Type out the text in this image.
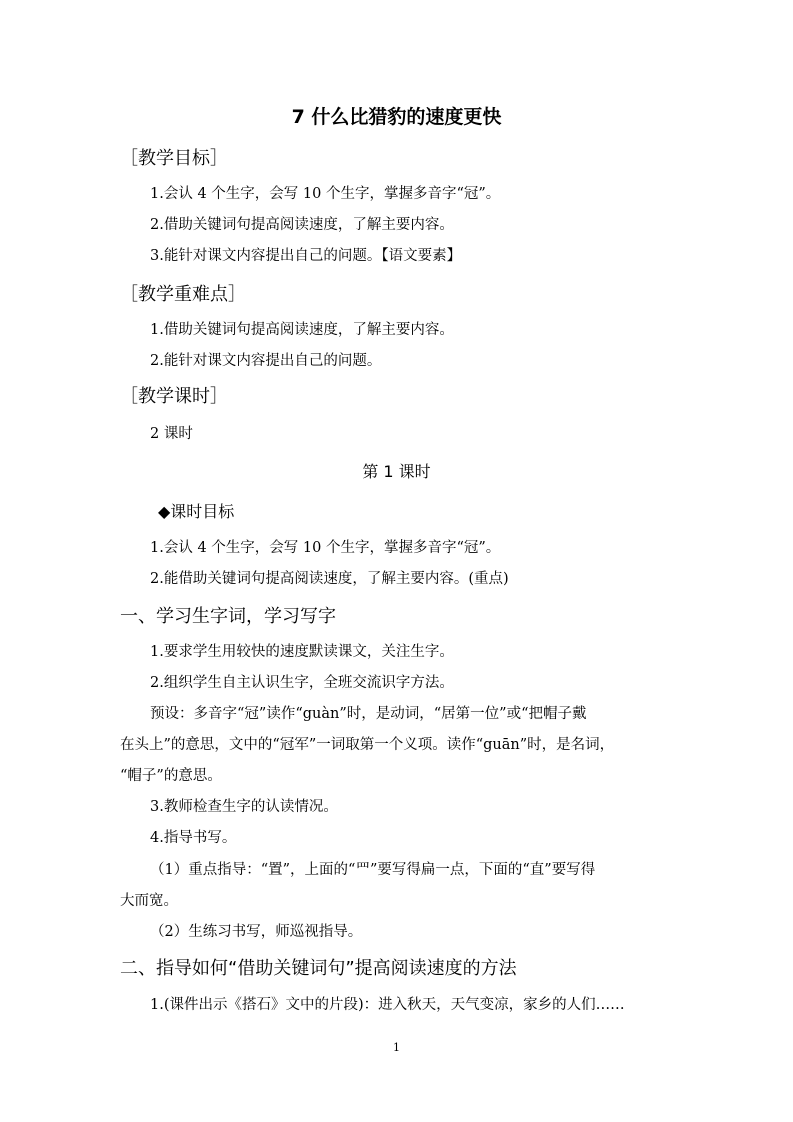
7 什么比猎豹的速度更快
［教学目标］
1.会认 4 个生字，会写 10 个生字，掌握多音字“冠”。
2.借助关键词句提高阅读速度，了解主要内容。
3.能针对课文内容提出自己的问题。【语文要素】
［教学重难点］
1.借助关键词句提高阅读速度，了解主要内容。
2.能针对课文内容提出自己的问题。
［教学课时］
2 课时
第 1 课时
◆课时目标
1.会认 4 个生字，会写 10 个生字，掌握多音字“冠”。
2.能借助关键词句提高阅读速度，了解主要内容。(重点)
一、学习生字词，学习写字
1.要求学生用较快的速度默读课文，关注生字。
2.组织学生自主认识生字，全班交流识字方法。
预设：多音字“冠”读作“guàn”时，是动词，“居第一位”或“把帽子戴
在头上”的意思，文中的“冠军”一词取第一个义项。读作“guān”时，是名词，
“帽子”的意思。
3.教师检查生字的认读情况。
4.指导书写。
（1）重点指导：“置”，上面的“罒”要写得扁一点，下面的“直”要写得
大而宽。
（2）生练习书写，师巡视指导。
二、指导如何“借助关键词句”提高阅读速度的方法
1.(课件出示《搭石》文中的片段)：进入秋天，天气变凉，家乡的人们……
1
